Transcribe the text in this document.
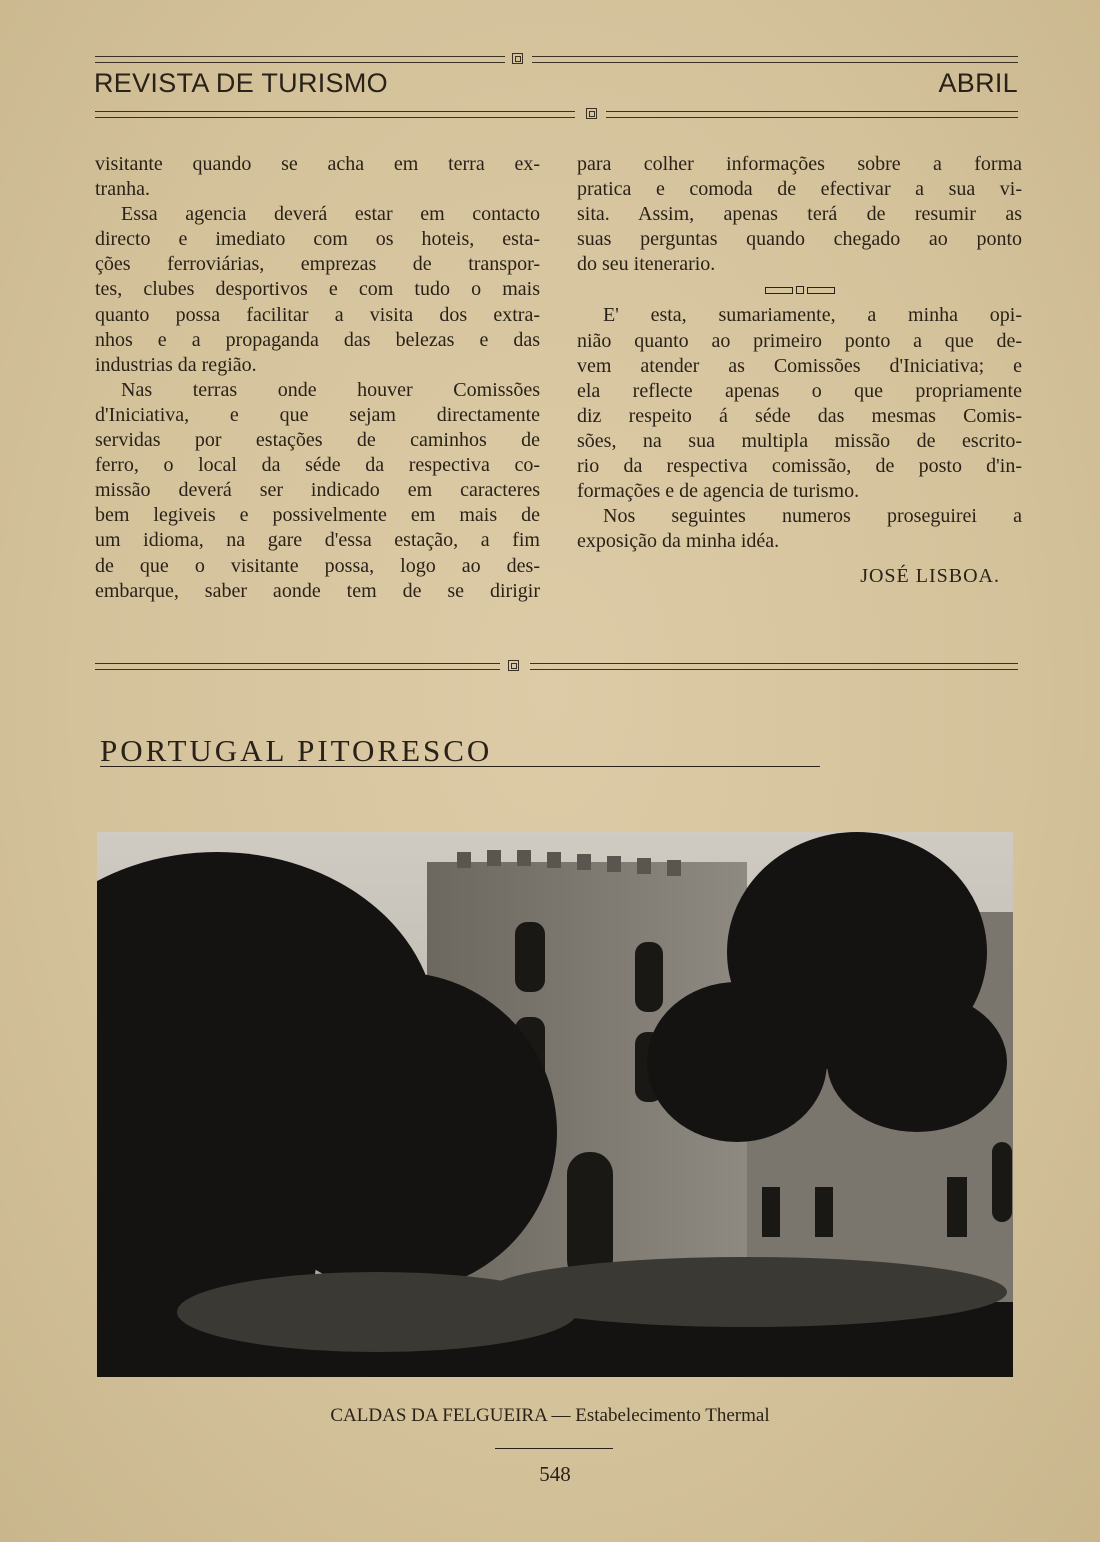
REVISTA DE TURISMO	ABRIL
visitante quando se acha em terra ex-
tranha.
Essa agencia deverá estar em contacto
directo e imediato com os hoteis, esta-
ções ferroviárias, emprezas de transpor-
tes, clubes desportivos e com tudo o mais
quanto possa facilitar a visita dos extra-
nhos e a propaganda das belezas e das
industrias da região.
Nas terras onde houver Comissões
d'Iniciativa, e que sejam directamente
servidas por estações de caminhos de
ferro, o local da séde da respectiva co-
missão deverá ser indicado em caracteres
bem legiveis e possivelmente em mais de
um idioma, na gare d'essa estação, a fim
de que o visitante possa, logo ao des-
embarque, saber aonde tem de se dirigir
para colher informações sobre a forma
pratica e comoda de efectivar a sua vi-
sita. Assim, apenas terá de resumir as
suas perguntas quando chegado ao ponto
do seu itenerario.
E' esta, sumariamente, a minha opi-
nião quanto ao primeiro ponto a que de-
vem atender as Comissões d'Iniciativa; e
ela reflecte apenas o que propriamente
diz respeito á séde das mesmas Comis-
sões, na sua multipla missão de escrito-
rio da respectiva comissão, de posto d'in-
formações e de agencia de turismo.
Nos seguintes numeros proseguirei a
exposição da minha idéa.
JOSÉ LISBOA.
PORTUGAL PITORESCO
CALDAS DA FELGUEIRA — Estabelecimento Thermal
548
